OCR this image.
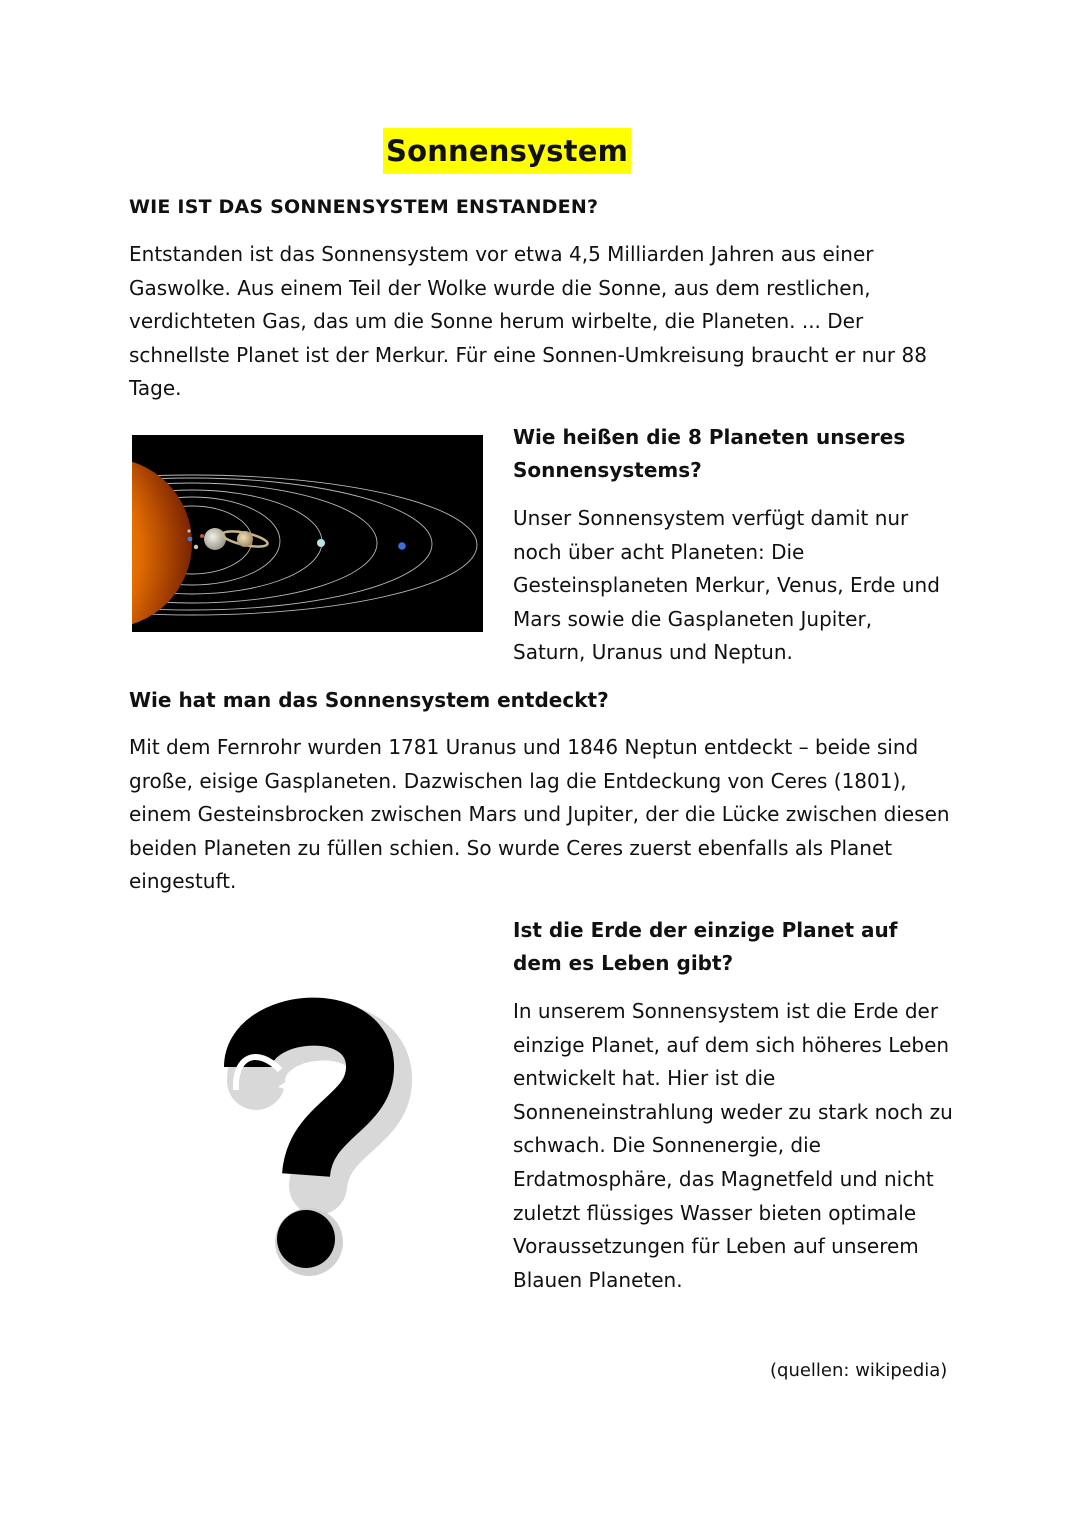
Sonnensystem
WIE IST DAS SONNENSYSTEM ENSTANDEN?
Entstanden ist das Sonnensystem vor etwa 4,5 Milliarden Jahren aus einer Gaswolke. Aus einem Teil der Wolke wurde die Sonne, aus dem restlichen, verdichteten Gas, das um die Sonne herum wirbelte, die Planeten. ... Der schnellste Planet ist der Merkur. Für eine Sonnen-Umkreisung braucht er nur 88 Tage.
Wie heißen die 8 Planeten unseres Sonnensystems?
Unser Sonnensystem verfügt damit nur noch über acht Planeten: Die Gesteinsplaneten Merkur, Venus, Erde und Mars sowie die Gasplaneten Jupiter, Saturn, Uranus und Neptun.
Wie hat man das Sonnensystem entdeckt?
Mit dem Fernrohr wurden 1781 Uranus und 1846 Neptun entdeckt – beide sind große, eisige Gasplaneten. Dazwischen lag die Entdeckung von Ceres (1801), einem Gesteinsbrocken zwischen Mars und Jupiter, der die Lücke zwischen diesen beiden Planeten zu füllen schien. So wurde Ceres zuerst ebenfalls als Planet eingestuft.
Ist die Erde der einzige Planet auf dem es Leben gibt?
In unserem Sonnensystem ist die Erde der einzige Planet, auf dem sich höheres Leben entwickelt hat. Hier ist die Sonneneinstrahlung weder zu stark noch zu schwach. Die Sonnenergie, die Erdatmosphäre, das Magnetfeld und nicht zuletzt flüssiges Wasser bieten optimale Voraussetzungen für Leben auf unserem Blauen Planeten.
(quellen: wikipedia)
